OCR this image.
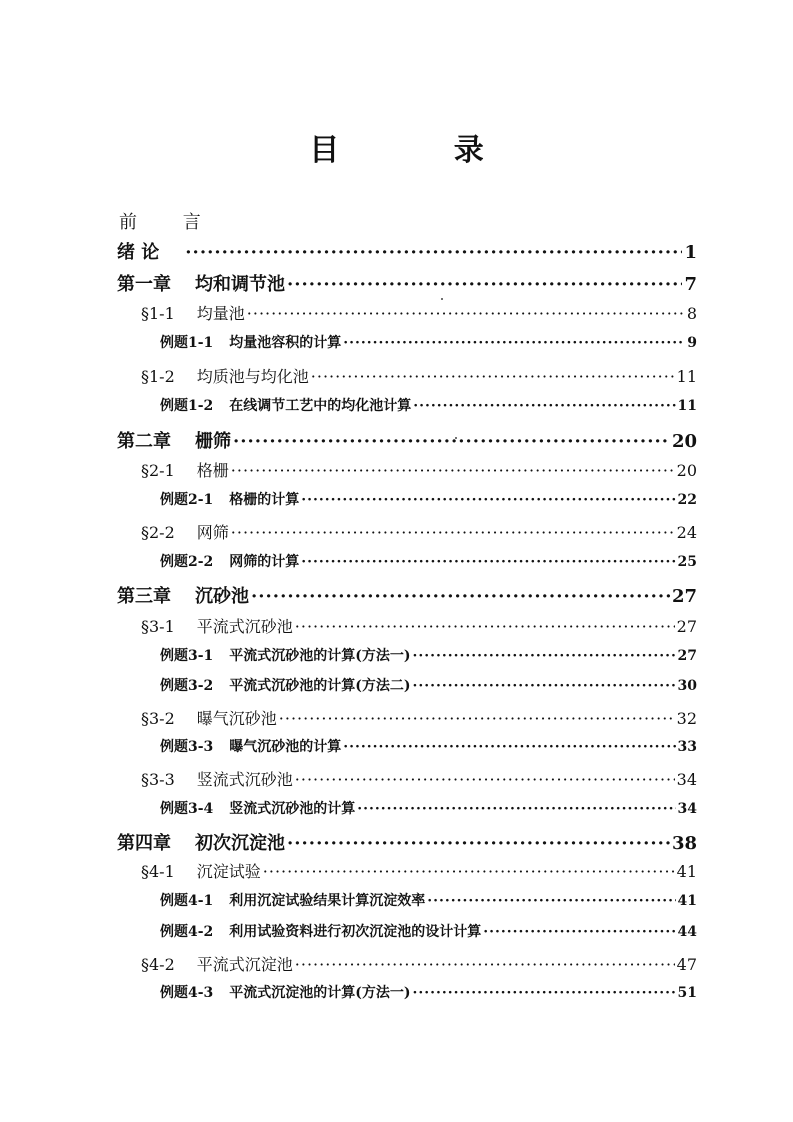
目 录
前 言
绪 论 ·····	1
第一章 均和调节池 ·····	7
§1-1 均量池 ·····	8
例题1-1 均量池容积的计算 ·····	9
§1-2 均质池与均化池 ·····	11
例题1-2 在线调节工艺中的均化池计算 ·····	11
第二章 栅筛 ·····	20
§2-1 格栅 ·····	20
例题2-1 格栅的计算 ·····	22
§2-2 网筛 ·····	24
例题2-2 网筛的计算 ·····	25
第三章 沉砂池 ·····	27
§3-1 平流式沉砂池 ·····	27
例题3-1 平流式沉砂池的计算(方法一) ·····	27
例题3-2 平流式沉砂池的计算(方法二) ·····	30
§3-2 曝气沉砂池 ·····	32
例题3-3 曝气沉砂池的计算 ·····	33
§3-3 竖流式沉砂池 ·····	34
例题3-4 竖流式沉砂池的计算 ·····	34
第四章 初次沉淀池 ·····	38
§4-1 沉淀试验 ·····	41
例题4-1 利用沉淀试验结果计算沉淀效率 ·····	41
例题4-2 利用试验资料进行初次沉淀池的设计计算 ·····	44
§4-2 平流式沉淀池 ·····	47
例题4-3 平流式沉淀池的计算(方法一) ·····	51
